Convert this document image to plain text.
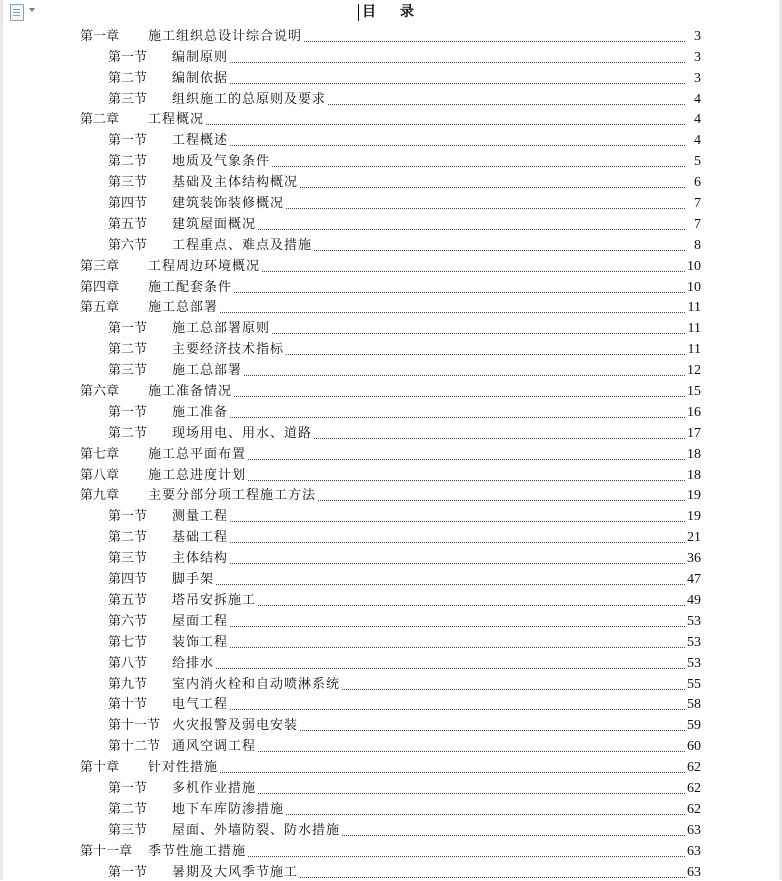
目录
第一章	施工组织总设计综合说明	3
第一节	编制原则	3
第二节	编制依据	3
第三节	组织施工的总原则及要求	4
第二章	工程概况	4
第一节	工程概述	4
第二节	地质及气象条件	5
第三节	基础及主体结构概况	6
第四节	建筑装饰装修概况	7
第五节	建筑屋面概况	7
第六节	工程重点、难点及措施	8
第三章	工程周边环境概况	10
第四章	施工配套条件	10
第五章	施工总部署	11
第一节	施工总部署原则	11
第二节	主要经济技术指标	11
第三节	施工总部署	12
第六章	施工准备情况	15
第一节	施工准备	16
第二节	现场用电、用水、道路	17
第七章	施工总平面布置	18
第八章	施工总进度计划	18
第九章	主要分部分项工程施工方法	19
第一节	测量工程	19
第二节	基础工程	21
第三节	主体结构	36
第四节	脚手架	47
第五节	塔吊安拆施工	49
第六节	屋面工程	53
第七节	装饰工程	53
第八节	给排水	53
第九节	室内消火栓和自动喷淋系统	55
第十节	电气工程	58
第十一节 火灾报警及弱电安装	59
第十二节 通风空调工程	60
第十章	针对性措施	62
第一节	多机作业措施	62
第二节	地下车库防渗措施	62
第三节	屋面、外墙防裂、防水措施	63
第十一章	季节性施工措施	63
第一节	暑期及大风季节施工	63
